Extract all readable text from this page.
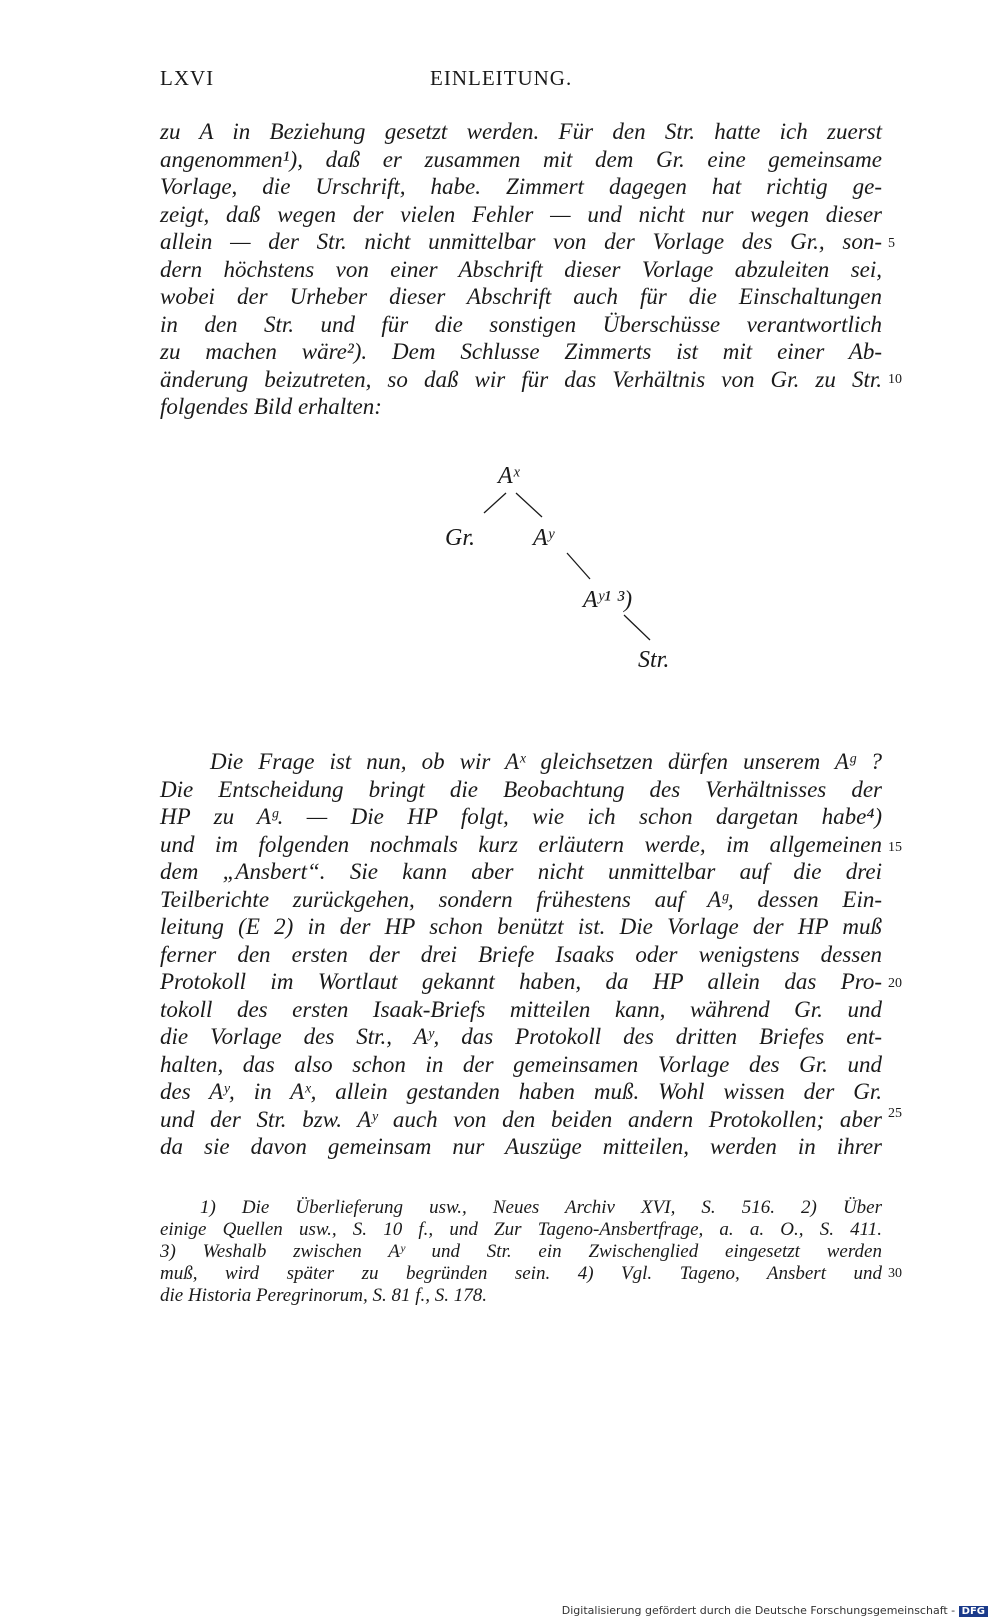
LXVI	EINLEITUNG.
zu A in Beziehung gesetzt werden. Für den Str. hatte ich zuerst
angenommen¹), daß er zusammen mit dem Gr. eine gemeinsame
Vorlage, die Urschrift, habe. Zimmert dagegen hat richtig ge-
zeigt, daß wegen der vielen Fehler — und nicht nur wegen dieser
allein — der Str. nicht unmittelbar von der Vorlage des Gr., son-
dern höchstens von einer Abschrift dieser Vorlage abzuleiten sei,
wobei der Urheber dieser Abschrift auch für die Einschaltungen
in den Str. und für die sonstigen Überschüsse verantwortlich
zu machen wäre²). Dem Schlusse Zimmerts ist mit einer Ab-
änderung beizutreten, so daß wir für das Verhältnis von Gr. zu Str.
folgendes Bild erhalten:
5
10
Aˣ
Gr. Aʸ
Aʸ¹ ³)
Str.
Die Frage ist nun, ob wir Aˣ gleichsetzen dürfen unserem Aᵍ ?
Die Entscheidung bringt die Beobachtung des Verhältnisses der
HP zu Aᵍ. — Die HP folgt, wie ich schon dargetan habe⁴)
und im folgenden nochmals kurz erläutern werde, im allgemeinen
dem „Ansbert“. Sie kann aber nicht unmittelbar auf die drei
Teilberichte zurückgehen, sondern frühestens auf Aᵍ, dessen Ein-
leitung (E 2) in der HP schon benützt ist. Die Vorlage der HP muß
ferner den ersten der drei Briefe Isaaks oder wenigstens dessen
Protokoll im Wortlaut gekannt haben, da HP allein das Pro-
tokoll des ersten Isaak-Briefs mitteilen kann, während Gr. und
die Vorlage des Str., Aʸ, das Protokoll des dritten Briefes ent-
halten, das also schon in der gemeinsamen Vorlage des Gr. und
des Aʸ, in Aˣ, allein gestanden haben muß. Wohl wissen der Gr.
und der Str. bzw. Aʸ auch von den beiden andern Protokollen; aber
da sie davon gemeinsam nur Auszüge mitteilen, werden in ihrer
15
20
25
1) Die Überlieferung usw., Neues Archiv XVI, S. 516. 2) Über
einige Quellen usw., S. 10 f., und Zur Tageno-Ansbertfrage, a. a. O., S. 411.
3) Weshalb zwischen Aʸ und Str. ein Zwischenglied eingesetzt werden
muß, wird später zu begründen sein. 4) Vgl. Tageno, Ansbert und
die Historia Peregrinorum, S. 81 f., S. 178.
30
Digitalisierung gefördert durch die Deutsche Forschungsgemeinschaft - DFG
